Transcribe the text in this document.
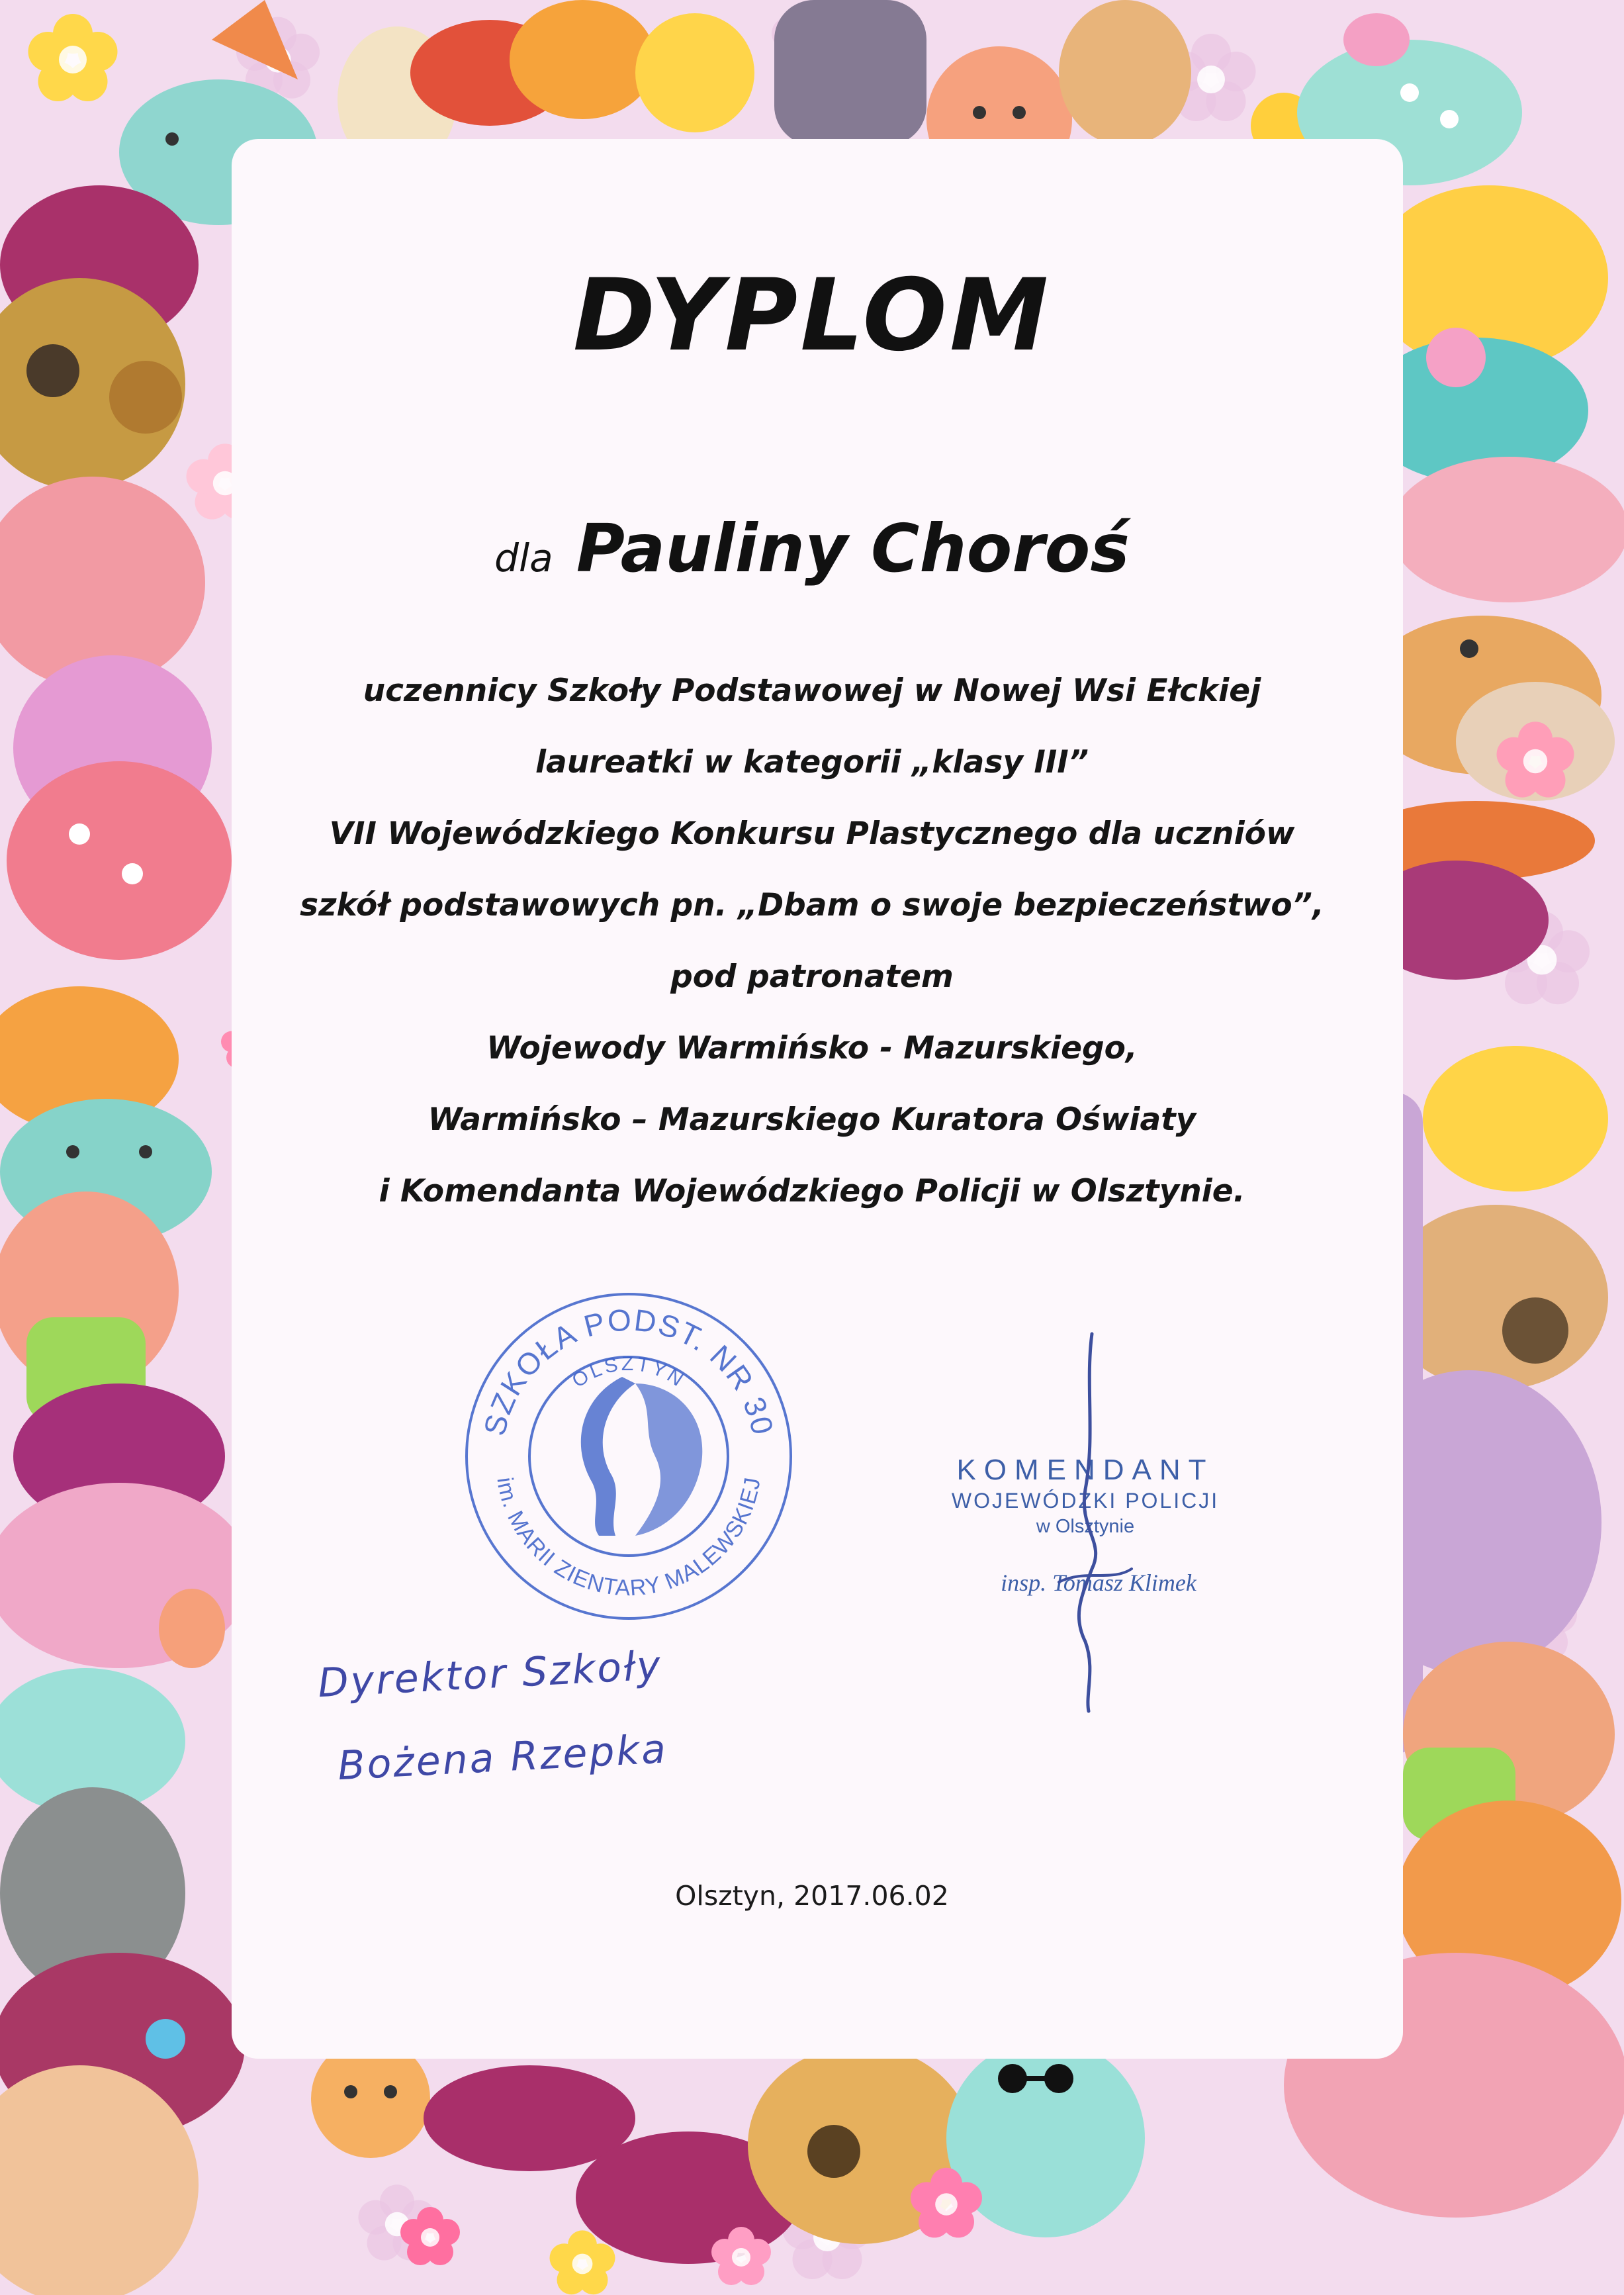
DYPLOM
dla Pauliny Choroś
uczennicy Szkoły Podstawowej w Nowej Wsi Ełckiej
laureatki w kategorii „klasy III”
VII Wojewódzkiego Konkursu Plastycznego dla uczniów
szkół podstawowych pn. „Dbam o swoje bezpieczeństwo”,
pod patronatem
Wojewody Warmińsko - Mazurskiego,
Warmińsko – Mazurskiego Kuratora Oświaty
i Komendanta Wojewódzkiego Policji w Olsztynie.
SZKOŁA PODST. NR 30
OLSZTYN
im. MARII ZIENTARY MALEWSKIEJ	KOMENDANT
WOJEWÓDZKI POLICJI
w Olsztynie
insp. Tomasz Klimek
Dyrektor Szkoły
Bożena Rzepka
Olsztyn, 2017.06.02
